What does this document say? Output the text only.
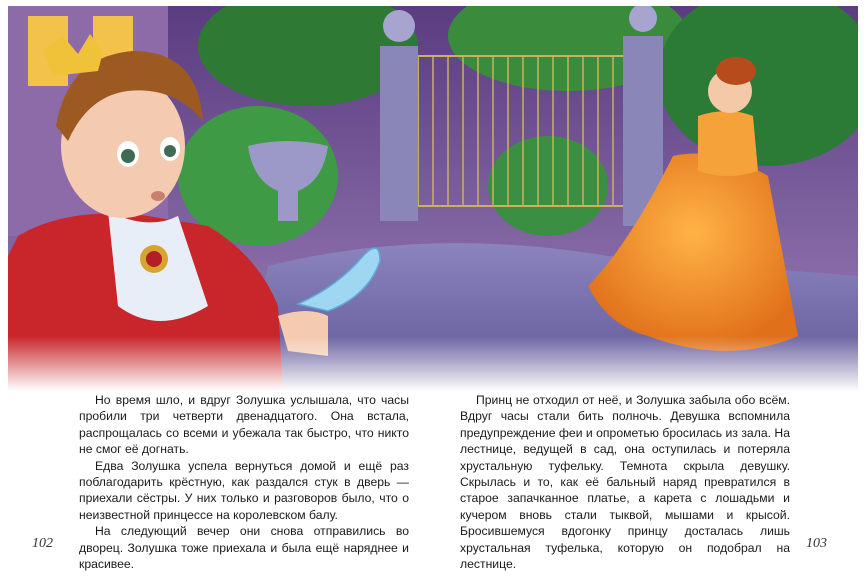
Но время шло, и вдруг Золушка услышала, что часы пробили три четверти двенадцатого. Она встала, распрощалась со всеми и убежала так быстро, что никто не смог её догнать.

Едва Золушка успела вернуться домой и ещё раз поблагодарить крёстную, как раздался стук в дверь — приехали сёстры. У них только и разговоров было, что о неизвестной принцессе на королевском балу.

На следующий вечер они снова отправились во дворец. Золушка тоже приехала и была ещё наряднее и красивее.

Принц не отходил от неё, и Золушка забыла обо всём. Вдруг часы стали бить полночь. Девушка вспомнила предупреждение феи и опрометью бросилась из зала. На лестнице, ведущей в сад, она оступилась и потеряла хрустальную туфельку. Темнота скрыла девушку. Скрылась и то, как её бальный наряд превратился в старое запачканное платье, а карета с лошадьми и кучером вновь стали тыквой, мышами и крысой. Бросившемуся вдогонку принцу досталась лишь хрустальная туфелька, которую он подобрал на лестнице.

102	103
